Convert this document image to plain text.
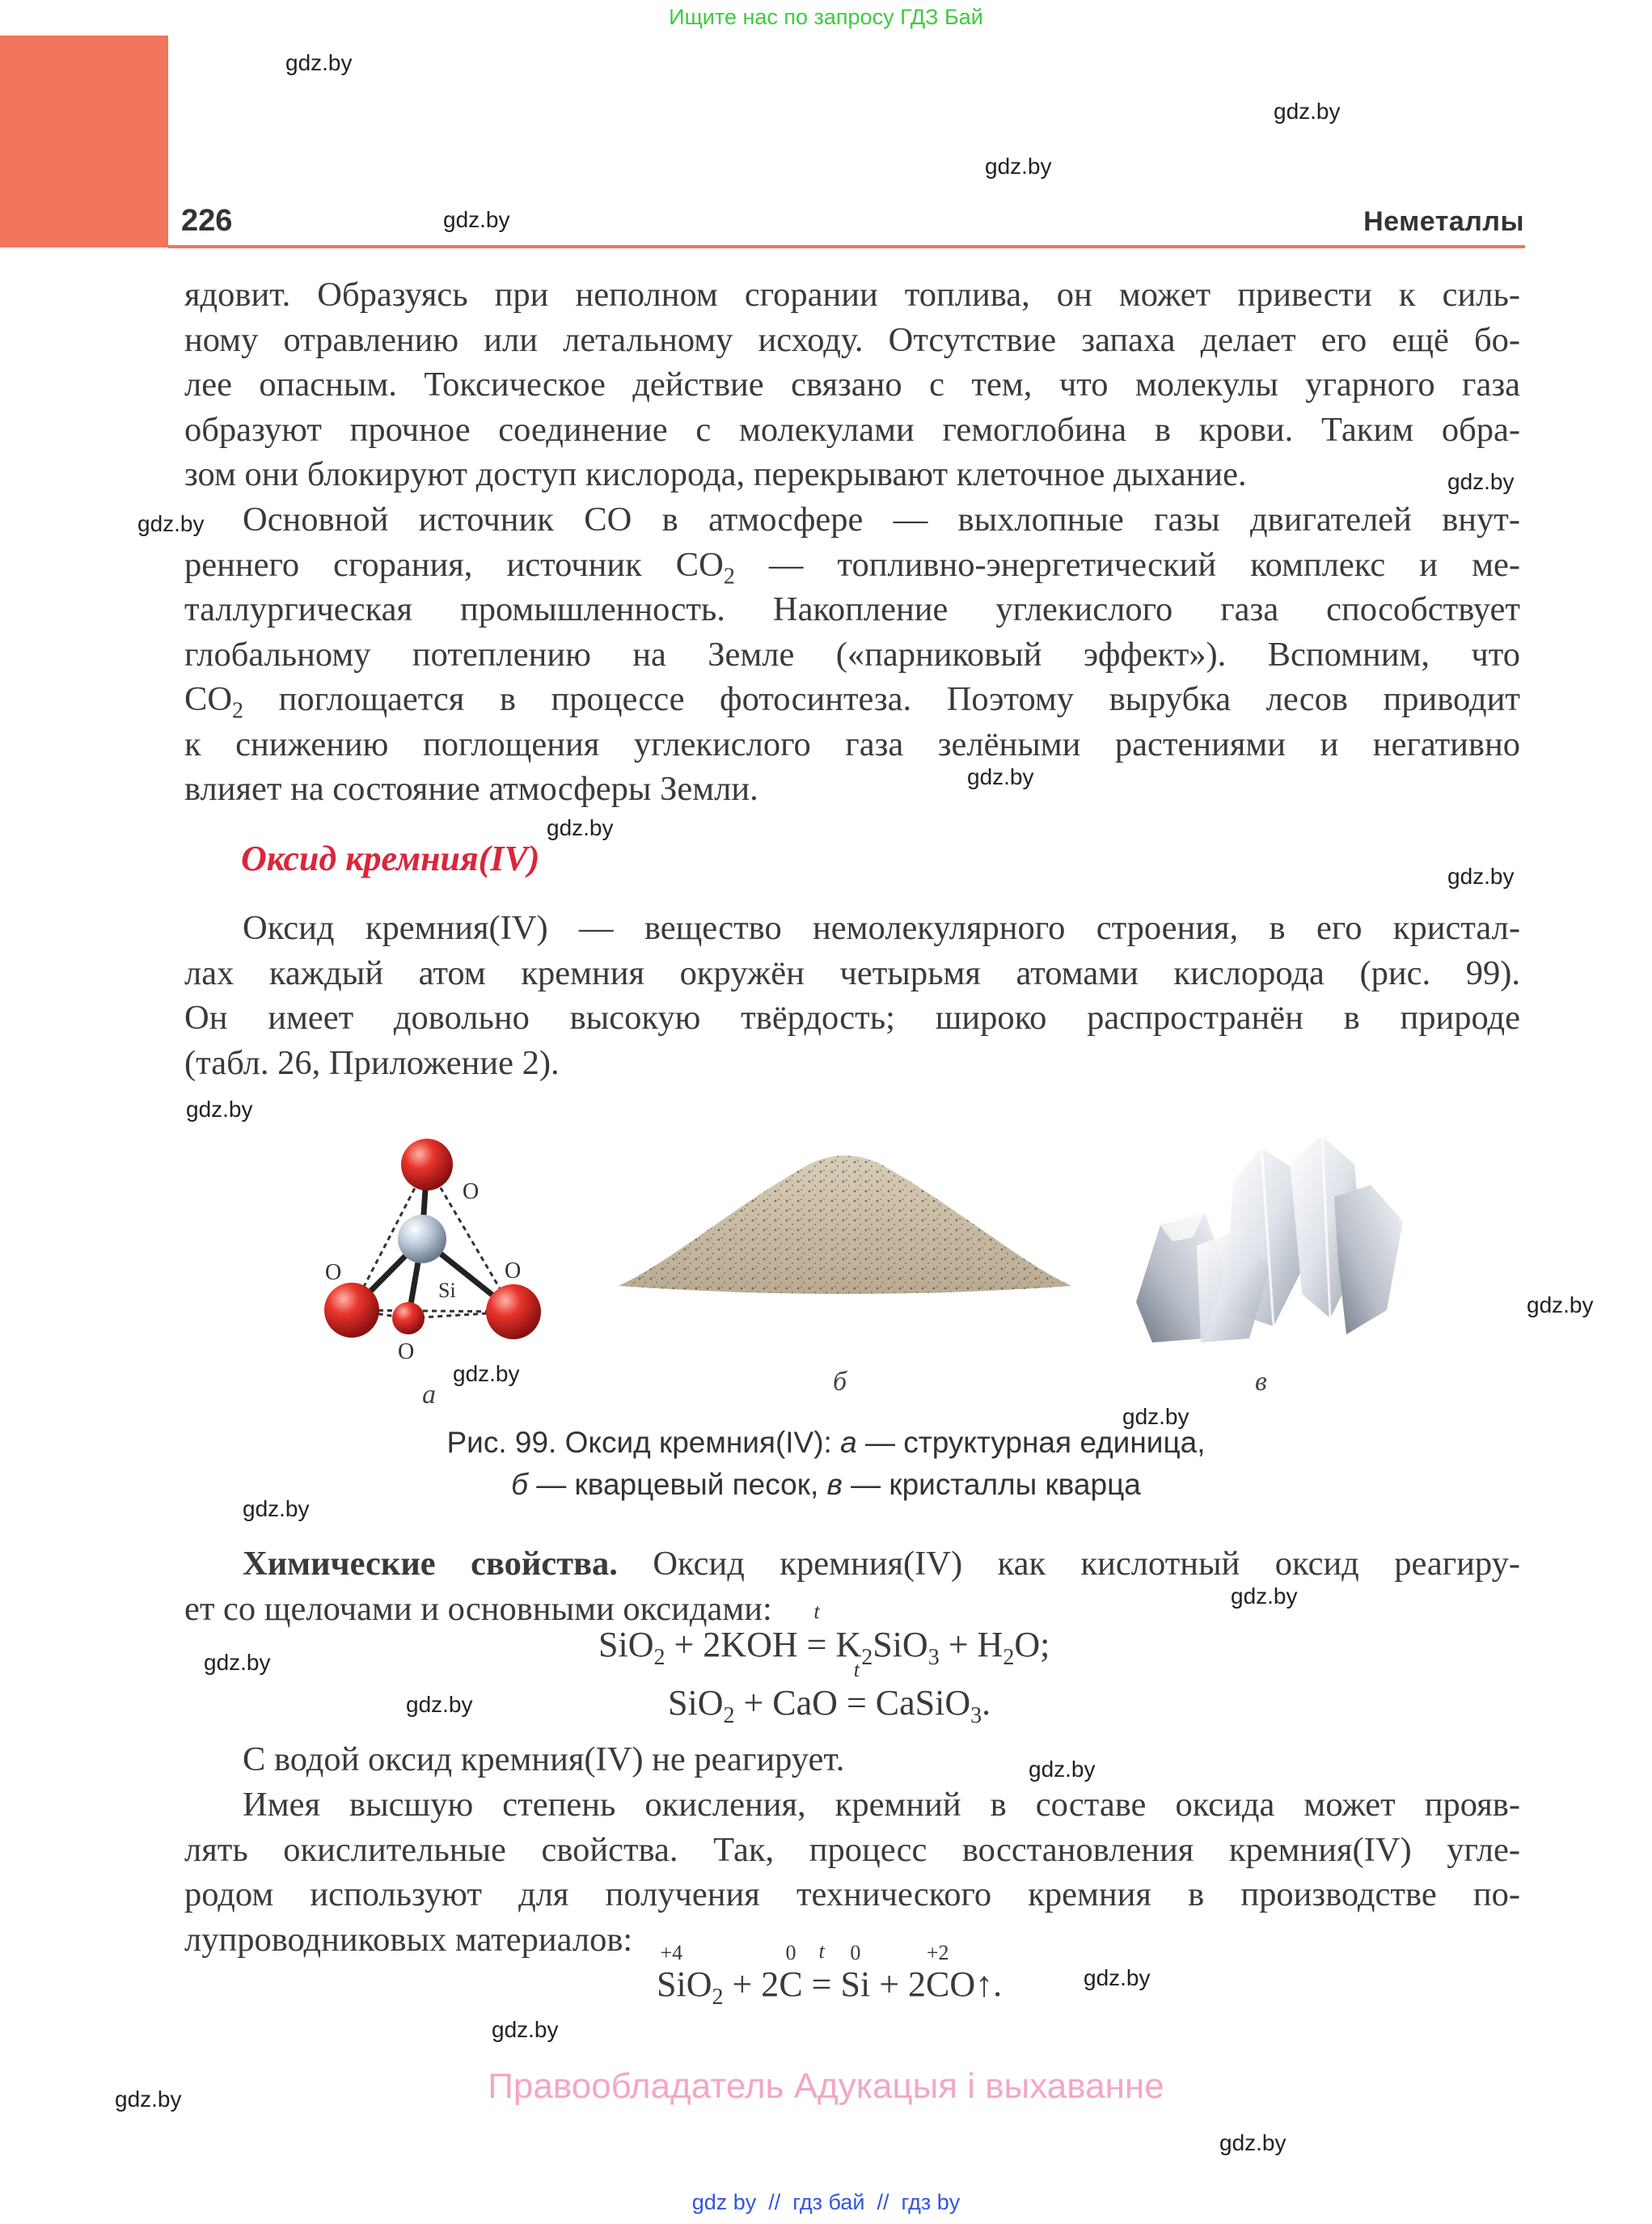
Ищите нас по запросу ГДЗ Бай
226	Неметаллы
gdz.by
gdz.by
gdz.by
gdz.by
gdz.by
gdz.by
gdz.by
gdz.by
gdz.by
gdz.by
gdz.by
gdz.by
gdz.by
gdz.by
gdz.by
gdz.by
gdz.by
gdz.by
gdz.by
gdz.by
gdz.by
gdz.by
ядовит. Образуясь при неполном сгорании топлива, он может привести к силь-
ному отравлению или летальному исходу. Отсутствие запаха делает его ещё бо-
лее опасным. Токсическое действие связано с тем, что молекулы угарного газа
образуют прочное соединение с молекулами гемоглобина в крови. Таким обра-
зом они блокируют доступ кислорода, перекрывают клеточное дыхание.
Основной источник CO в атмосфере — выхлопные газы двигателей внут-
реннего сгорания, источник $CO_2$ — топливно-энергетический комплекс и ме-
таллургическая промышленность. Накопление углекислого газа способствует
глобальному потеплению на Земле («парниковый эффект»). Вспомним, что
$CO_2$ поглощается в процессе фотосинтеза. Поэтому вырубка лесов приводит
к снижению поглощения углекислого газа зелёными растениями и негативно
влияет на состояние атмосферы Земли.
Оксид кремния(IV)
Оксид кремния(IV) — вещество немолекулярного строения, в его кристал-
лах каждый атом кремния окружён четырьмя атомами кислорода (рис. 99).
Он имеет довольно высокую твёрдость; широко распространён в природе
(табл. 26, Приложение 2).
O
O	O
Si
O
а	б	в
Рис. 99. Оксид кремния(IV): а — структурная единица,
б — кварцевый песок, в — кристаллы кварца
Химические свойства. Оксид кремния(IV) как кислотный оксид реагиру-
ет со щелочами и основными оксидами:
SiO$_2$ + 2KOH
t
= $K_2SiO_3 + H_2O$;
SiO$_2$ + CaO
t
= CaSiO$_3$.
С водой оксид кремния(IV) не реагирует.
Имея высшую степень окисления, кремний в составе оксида может прояв-
лять окислительные свойства. Так, процесс восстановления кремния(IV) угле-
родом используют для получения технического кремния в производстве по-
лупроводниковых материалов:	+4
SiO$_2$ + 2
0
C
t
=
0
Si + 2
+2
CO↑.
Правообладатель Адукацыя і выхаванне
gdz by  //  гдз бай  //  гдз by
